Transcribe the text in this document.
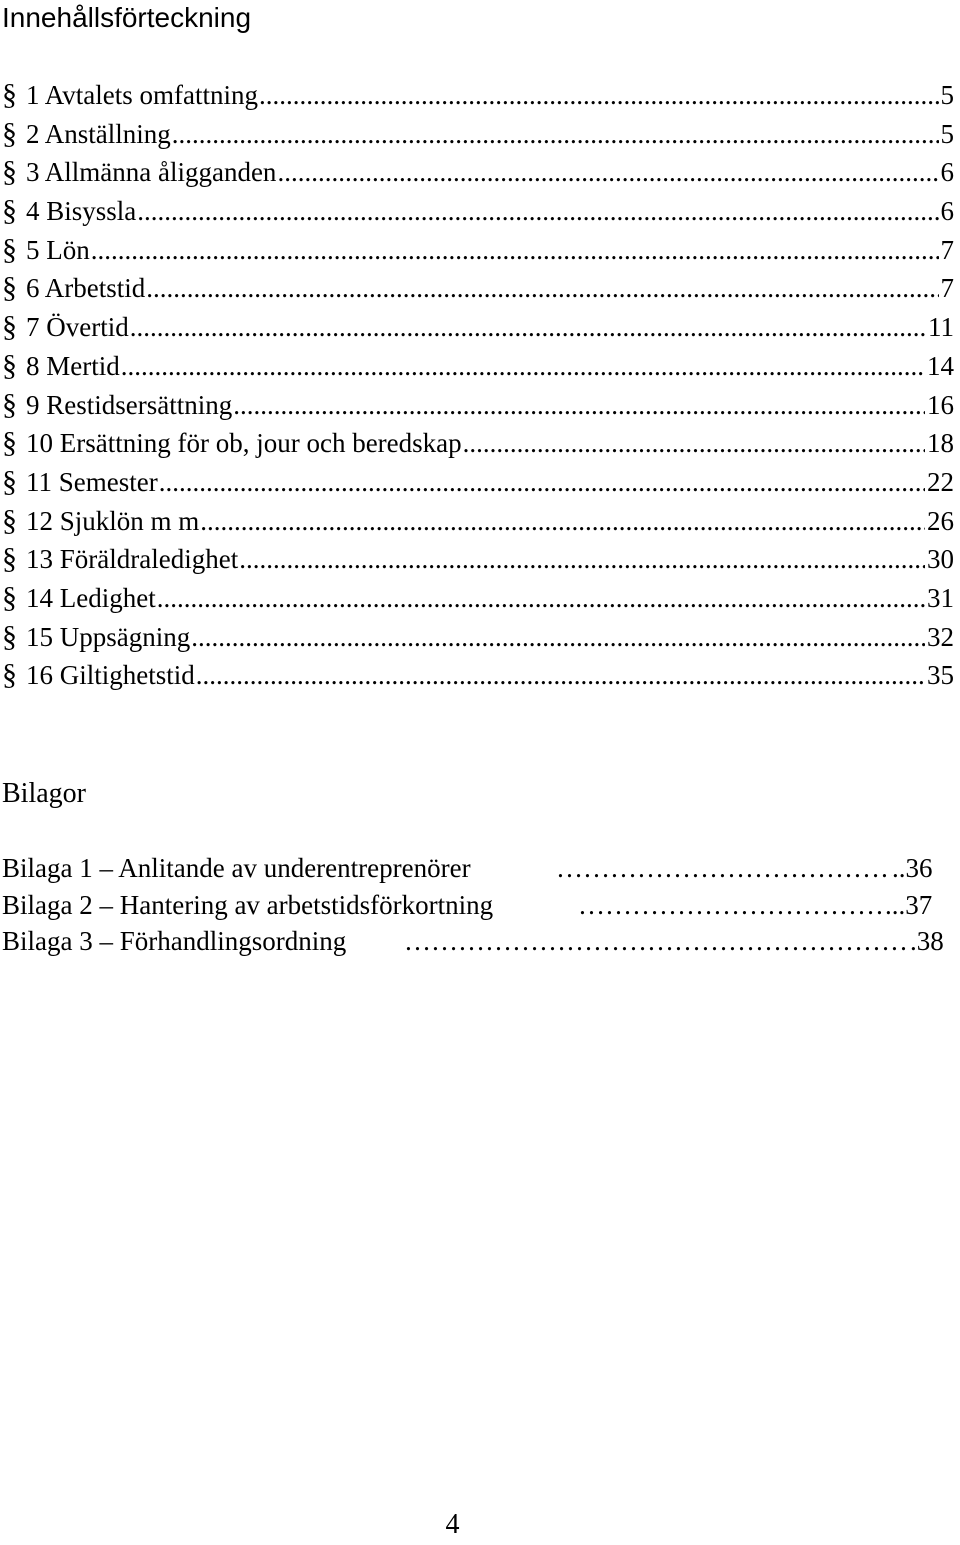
Innehållsförteckning
§ 1 Avtalets omfattning .....	5
§ 2 Anställning .....	5
§ 3 Allmänna åligganden .....	6
§ 4 Bisyssla .....	6
§ 5 Lön .....	7
§ 6 Arbetstid .....	7
§ 7 Övertid .....	11
§ 8 Mertid .....	14
§ 9 Restidsersättning .....	16
§ 10 Ersättning för ob, jour och beredskap .....	18
§ 11 Semester .....	22
§ 12 Sjuklön m m .....	26
§ 13 Föräldraledighet .....	30
§ 14 Ledighet .....	31
§ 15 Uppsägning .....	32
§ 16 Giltighetstid .....	35
Bilagor
Bilaga 1 – Anlitande av underentreprenörer ……………………………………………………………………………………	..36
Bilaga 2 – Hantering av arbetstidsförkortning ……………………………………………………………………………………	...37
Bilaga 3 – Förhandlingsordning ……………………………………………………………………………………	.38
4
